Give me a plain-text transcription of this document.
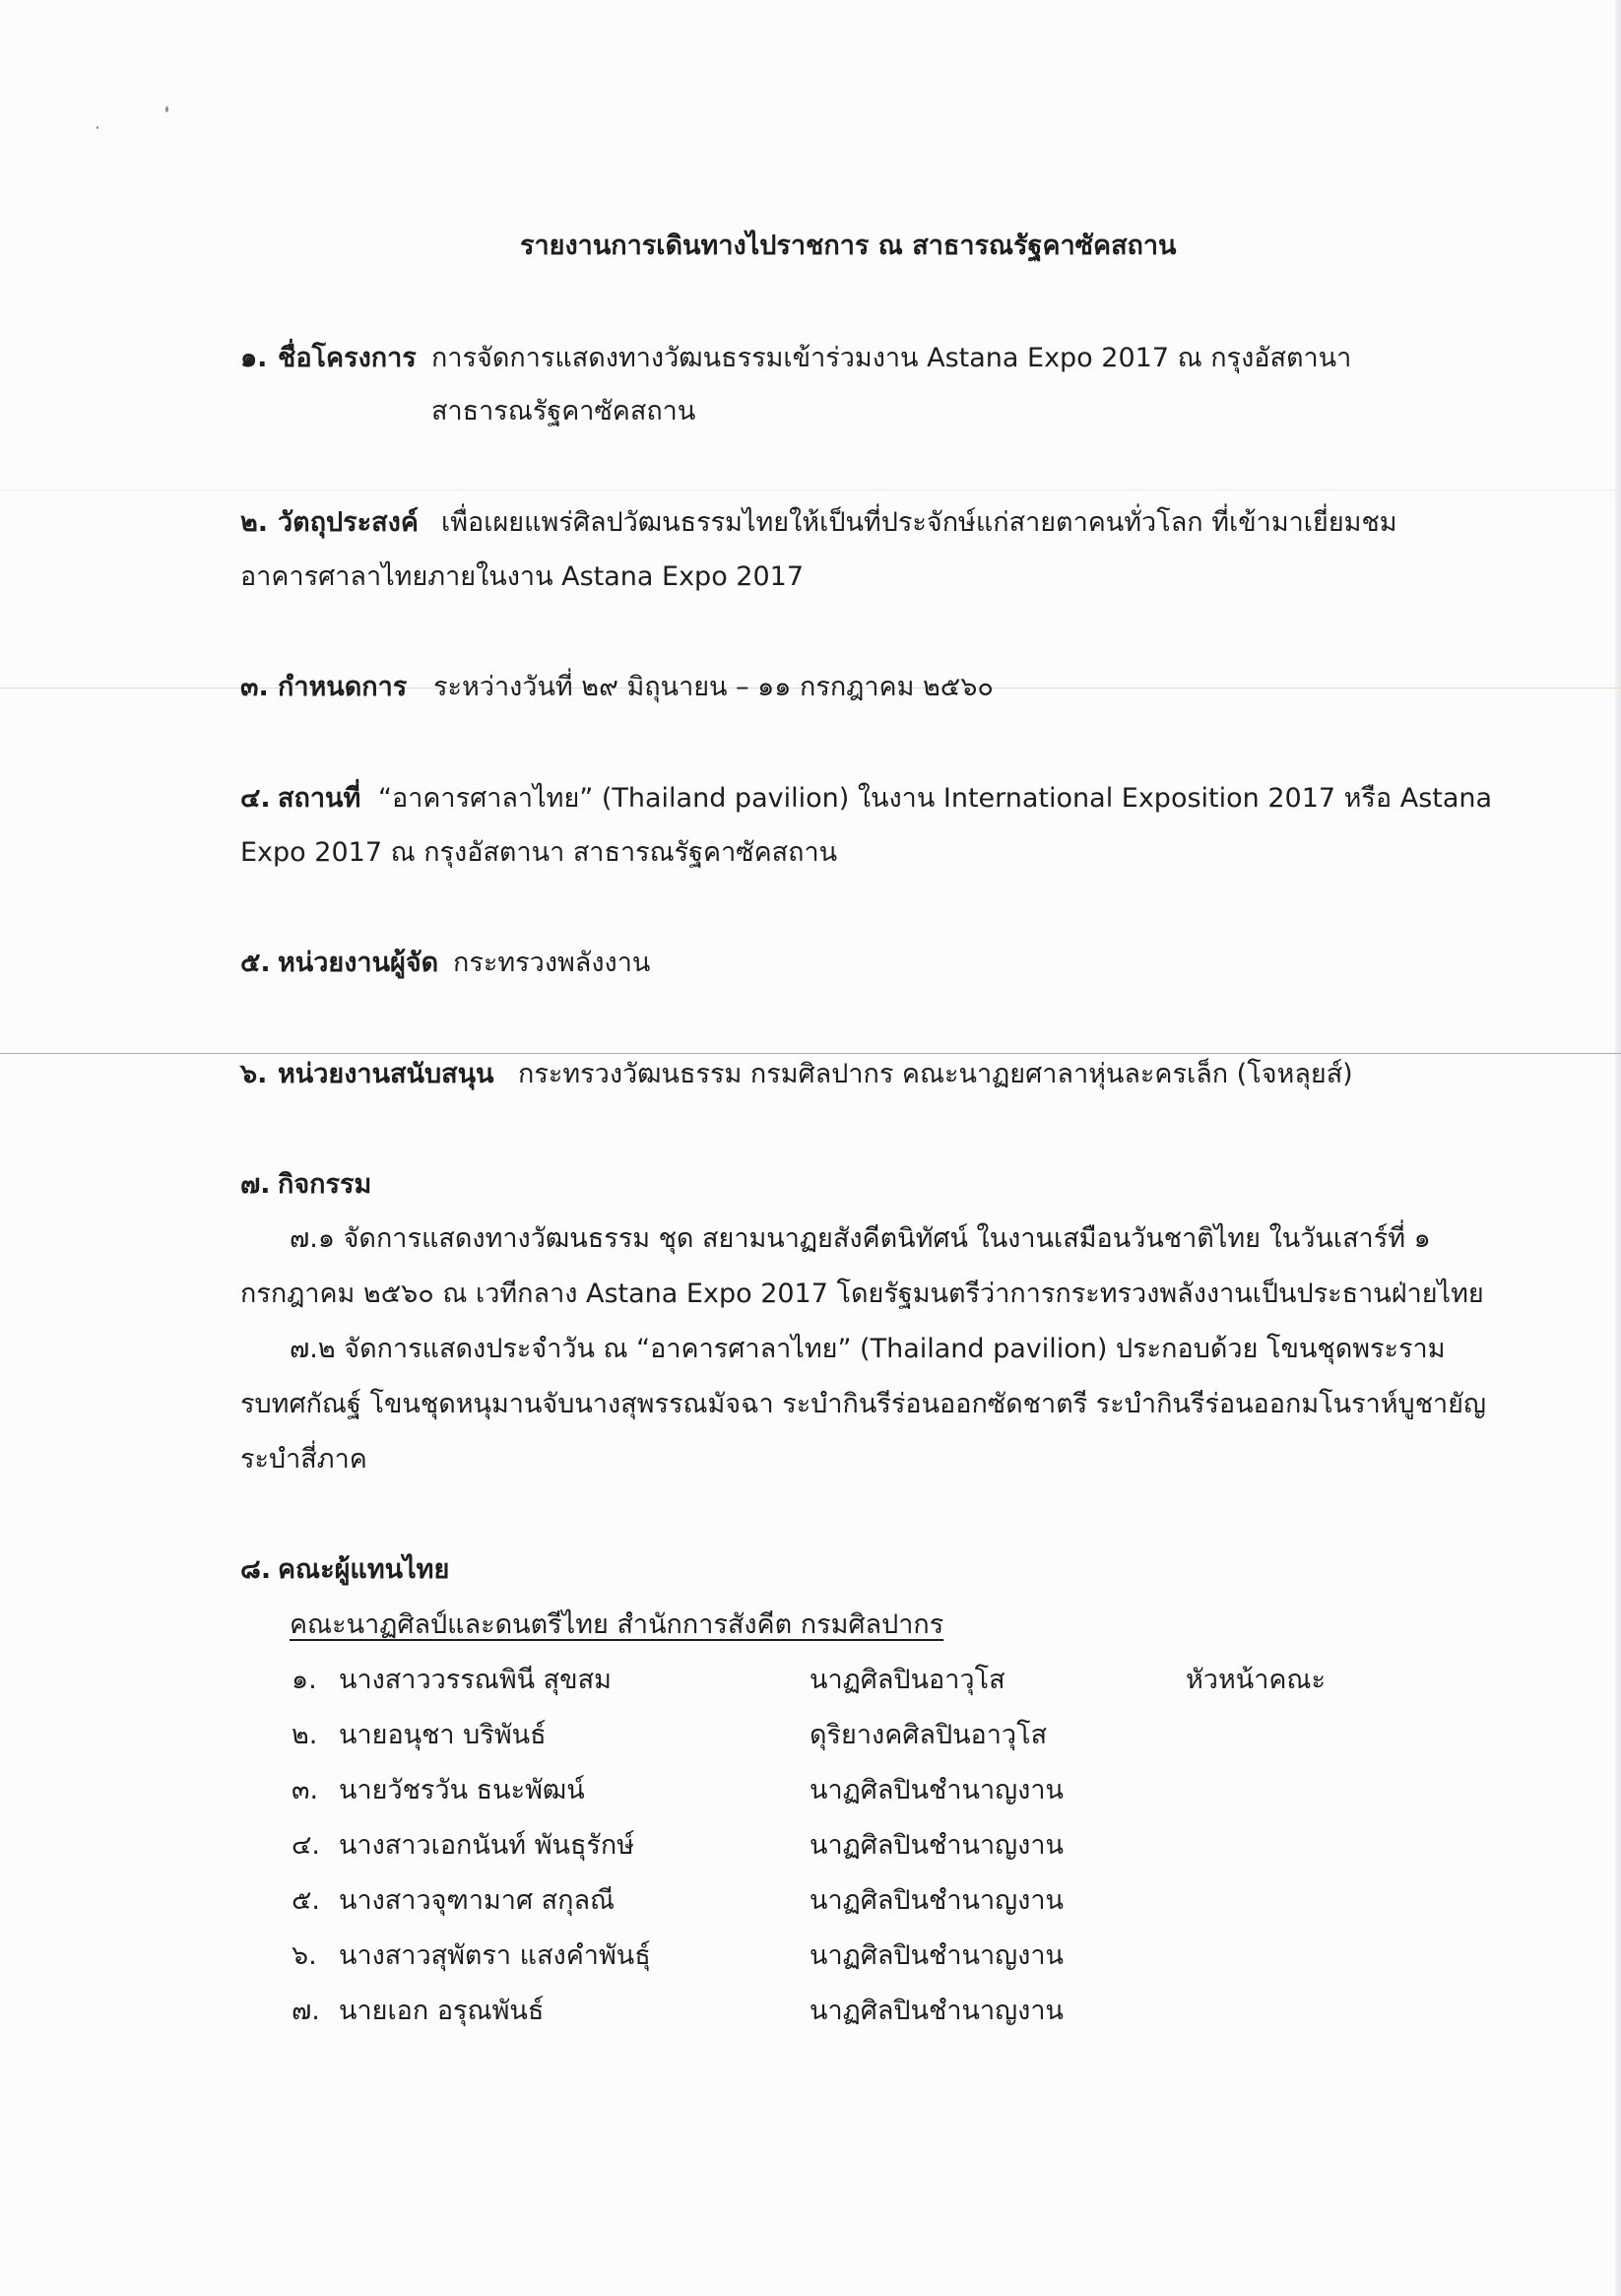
รายงานการเดินทางไปราชการ ณ สาธารณรัฐคาซัคสถาน
๑. ชื่อโครงการ การจัดการแสดงทางวัฒนธรรมเข้าร่วมงาน Astana Expo 2017 ณ กรุงอัสตานา
สาธารณรัฐคาซัคสถาน
๒. วัตถุประสงค์ เพื่อเผยแพร่ศิลปวัฒนธรรมไทยให้เป็นที่ประจักษ์แก่สายตาคนทั่วโลก ที่เข้ามาเยี่ยมชม
อาคารศาลาไทยภายในงาน Astana Expo 2017
๓. กำหนดการ ระหว่างวันที่ ๒๙ มิถุนายน – ๑๑ กรกฎาคม ๒๕๖๐
๔. สถานที่ “อาคารศาลาไทย” (Thailand pavilion) ในงาน International Exposition 2017 หรือ Astana
Expo 2017 ณ กรุงอัสตานา สาธารณรัฐคาซัคสถาน
๕. หน่วยงานผู้จัด กระทรวงพลังงาน
๖. หน่วยงานสนับสนุน กระทรวงวัฒนธรรม กรมศิลปากร คณะนาฏยศาลาหุ่นละครเล็ก (โจหลุยส์)
๗. กิจกรรม
๗.๑ จัดการแสดงทางวัฒนธรรม ชุด สยามนาฏยสังคีตนิทัศน์ ในงานเสมือนวันชาติไทย ในวันเสาร์ที่ ๑
กรกฎาคม ๒๕๖๐ ณ เวทีกลาง Astana Expo 2017 โดยรัฐมนตรีว่าการกระทรวงพลังงานเป็นประธานฝ่ายไทย
๗.๒ จัดการแสดงประจำวัน ณ “อาคารศาลาไทย” (Thailand pavilion) ประกอบด้วย โขนชุดพระราม
รบทศกัณฐ์ โขนชุดหนุมานจับนางสุพรรณมัจฉา ระบำกินรีร่อนออกซัดชาตรี ระบำกินรีร่อนออกมโนราห์บูชายัญ
ระบำสี่ภาค
๘. คณะผู้แทนไทย
คณะนาฏศิลป์และดนตรีไทย สำนักการสังคีต กรมศิลปากร
๑. นางสาววรรณพินี สุขสม	นาฏศิลปินอาวุโส	หัวหน้าคณะ
๒. นายอนุชา บริพันธ์	ดุริยางคศิลปินอาวุโส
๓. นายวัชรวัน ธนะพัฒน์	นาฏศิลปินชำนาญงาน
๔. นางสาวเอกนันท์ พันธุรักษ์	นาฏศิลปินชำนาญงาน
๕. นางสาวจุฑามาศ สกุลณี	นาฏศิลปินชำนาญงาน
๖. นางสาวสุพัตรา แสงคำพันธุ์	นาฏศิลปินชำนาญงาน
๗. นายเอก อรุณพันธ์	นาฏศิลปินชำนาญงาน
